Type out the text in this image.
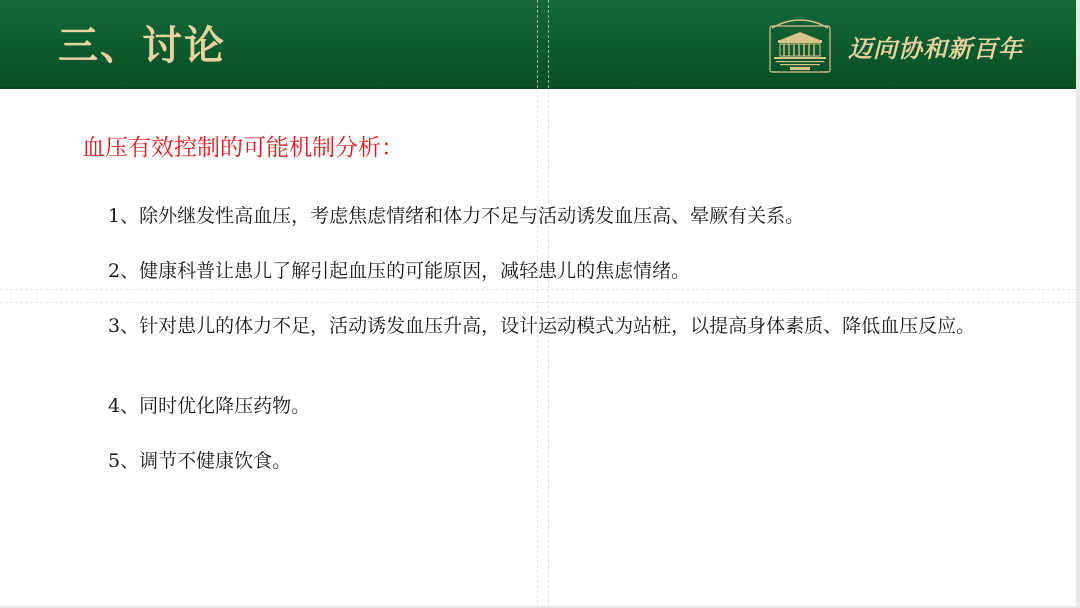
三、讨论	迈向协和新百年
血压有效控制的可能机制分析：
1、除外继发性高血压，考虑焦虑情绪和体力不足与活动诱发血压高、晕厥有关系。
2、健康科普让患儿了解引起血压的可能原因，减轻患儿的焦虑情绪。
3、针对患儿的体力不足，活动诱发血压升高，设计运动模式为站桩，以提高身体素质、降低血压反应。
4、同时优化降压药物。
5、调节不健康饮食。
